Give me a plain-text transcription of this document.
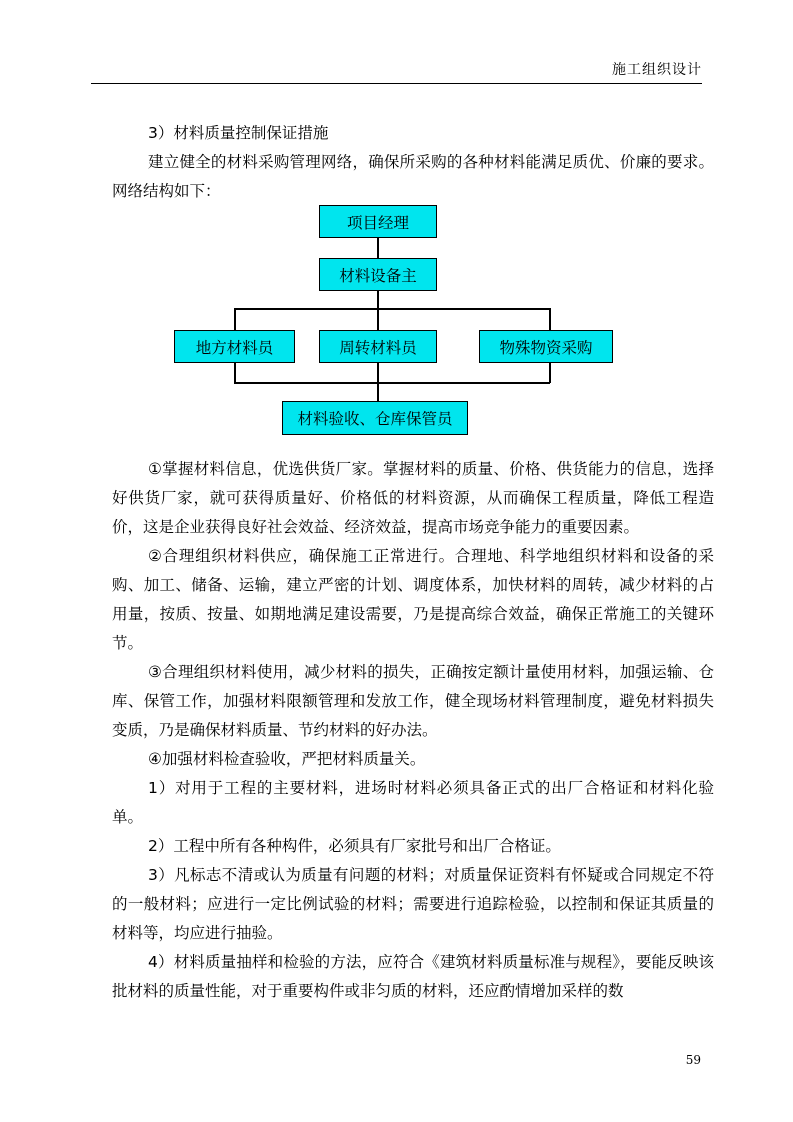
施工组织设计
3）材料质量控制保证措施

建立健全的材料采购管理网络，确保所采购的各种材料能满足质优、价廉的要求。网络结构如下：

项目经理
材料设备主
地方材料员	周转材料员	物殊物资采购
材料验收、仓库保管员

①掌握材料信息，优选供货厂家。掌握材料的质量、价格、供货能力的信息，选择好供货厂家，就可获得质量好、价格低的材料资源，从而确保工程质量，降低工程造价，这是企业获得良好社会效益、经济效益，提高市场竞争能力的重要因素。

②合理组织材料供应，确保施工正常进行。合理地、科学地组织材料和设备的采购、加工、储备、运输，建立严密的计划、调度体系，加快材料的周转，减少材料的占用量，按质、按量、如期地满足建设需要，乃是提高综合效益，确保正常施工的关键环节。

③合理组织材料使用，减少材料的损失，正确按定额计量使用材料，加强运输、仓库、保管工作，加强材料限额管理和发放工作，健全现场材料管理制度，避免材料损失变质，乃是确保材料质量、节约材料的好办法。

④加强材料检查验收，严把材料质量关。

1）对用于工程的主要材料，进场时材料必须具备正式的出厂合格证和材料化验单。

2）工程中所有各种构件，必须具有厂家批号和出厂合格证。

3）凡标志不清或认为质量有问题的材料；对质量保证资料有怀疑或合同规定不符的一般材料；应进行一定比例试验的材料；需要进行追踪检验，以控制和保证其质量的材料等，均应进行抽验。

4）材料质量抽样和检验的方法，应符合《建筑材料质量标准与规程》，要能反映该批材料的质量性能，对于重要构件或非匀质的材料，还应酌情增加采样的数

59
